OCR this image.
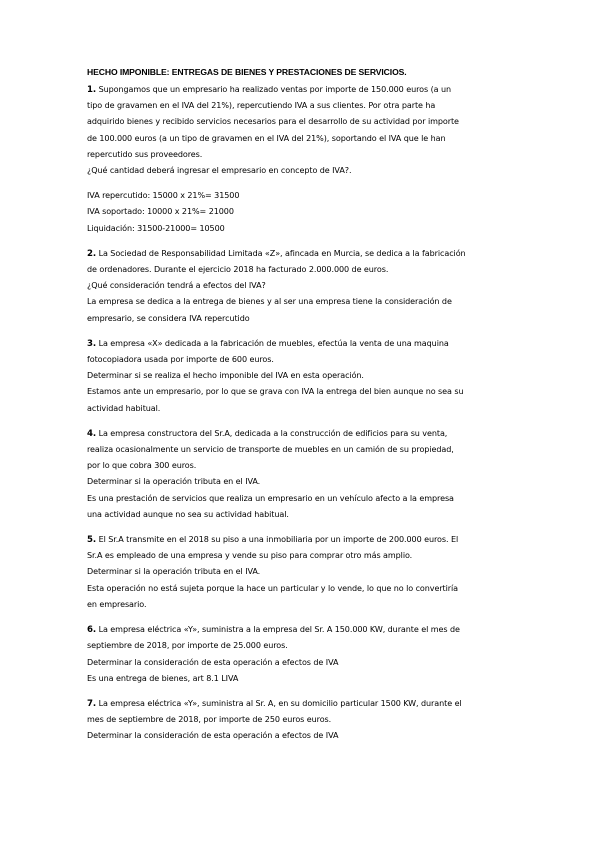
HECHO IMPONIBLE: ENTREGAS DE BIENES Y PRESTACIONES DE SERVICIOS.
1. Supongamos que un empresario ha realizado ventas por importe de 150.000 euros (a un
tipo de gravamen en el IVA del 21%), repercutiendo IVA a sus clientes. Por otra parte ha
adquirido bienes y recibido servicios necesarios para el desarrollo de su actividad por importe
de 100.000 euros (a un tipo de gravamen en el IVA del 21%), soportando el IVA que le han
repercutido sus proveedores.
¿Qué cantidad deberá ingresar el empresario en concepto de IVA?.
IVA repercutido: 15000 x 21%= 31500
IVA soportado: 10000 x 21%= 21000
Liquidación: 31500-21000= 10500
2. La Sociedad de Responsabilidad Limitada «Z», afincada en Murcia, se dedica a la fabricación
de ordenadores. Durante el ejercicio 2018 ha facturado 2.000.000 de euros.
¿Qué consideración tendrá a efectos del IVA?
La empresa se dedica a la entrega de bienes y al ser una empresa tiene la consideración de
empresario, se considera IVA repercutido
3. La empresa «X» dedicada a la fabricación de muebles, efectúa la venta de una maquina
fotocopiadora usada por importe de 600 euros.
Determinar si se realiza el hecho imponible del IVA en esta operación.
Estamos ante un empresario, por lo que se grava con IVA la entrega del bien aunque no sea su
actividad habitual.
4. La empresa constructora del Sr.A, dedicada a la construcción de edificios para su venta,
realiza ocasionalmente un servicio de transporte de muebles en un camión de su propiedad,
por lo que cobra 300 euros.
Determinar si la operación tributa en el IVA.
Es una prestación de servicios que realiza un empresario en un vehículo afecto a la empresa
una actividad aunque no sea su actividad habitual.
5. El Sr.A transmite en el 2018 su piso a una inmobiliaria por un importe de 200.000 euros. El
Sr.A es empleado de una empresa y vende su piso para comprar otro más amplio.
Determinar si la operación tributa en el IVA.
Esta operación no está sujeta porque la hace un particular y lo vende, lo que no lo convertiría
en empresario.
6. La empresa eléctrica «Y», suministra a la empresa del Sr. A 150.000 KW, durante el mes de
septiembre de 2018, por importe de 25.000 euros.
Determinar la consideración de esta operación a efectos de IVA
Es una entrega de bienes, art 8.1 LIVA
7. La empresa eléctrica «Y», suministra al Sr. A, en su domicilio particular 1500 KW, durante el
mes de septiembre de 2018, por importe de 250 euros euros.
Determinar la consideración de esta operación a efectos de IVA
